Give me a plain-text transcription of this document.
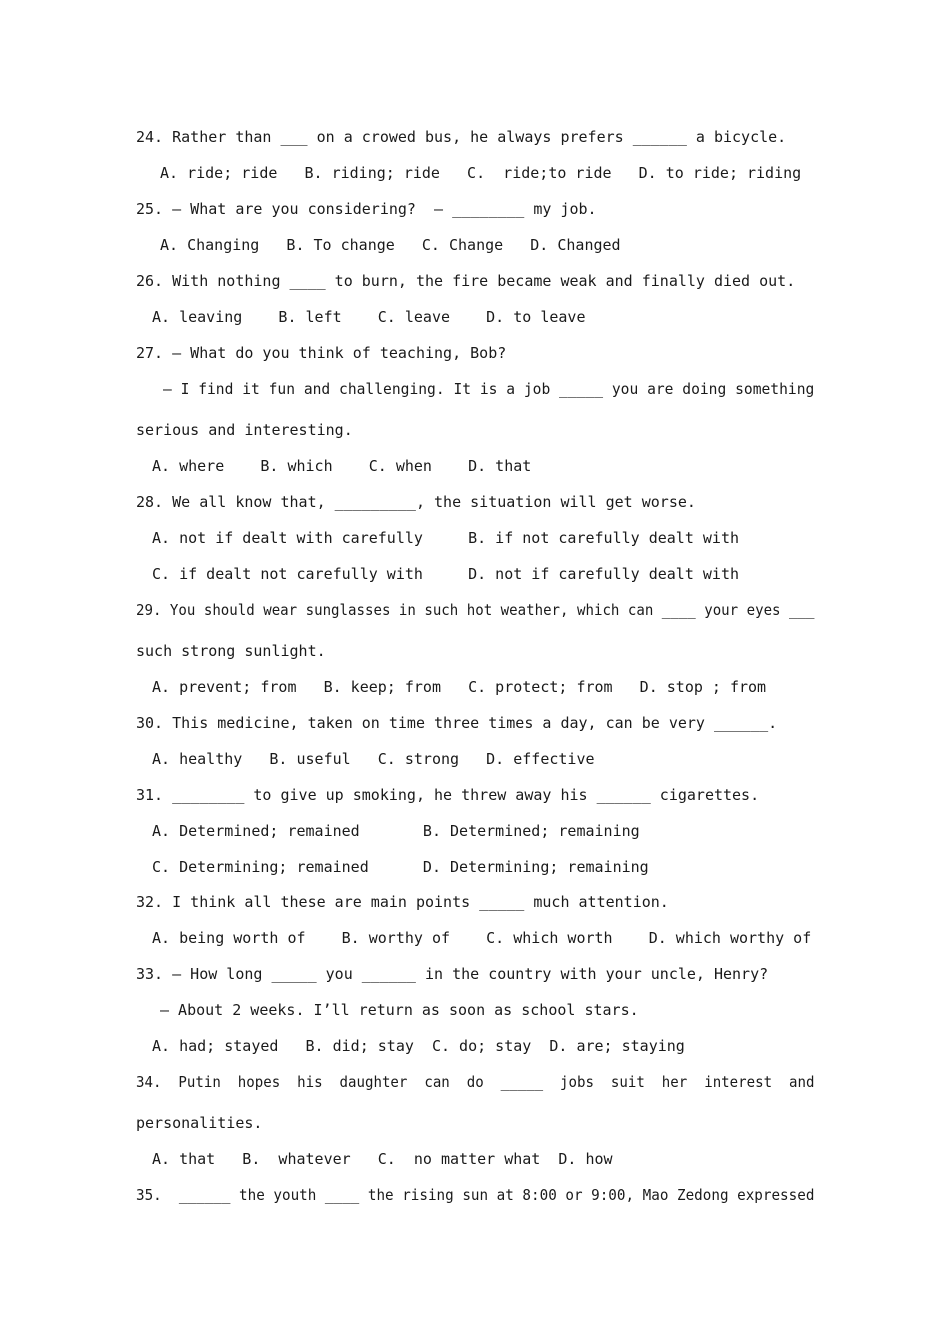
24. Rather than ___ on a crowed bus, he always prefers ______ a bicycle.
A. ride; ride   B. riding; ride   C.  ride;to ride   D. to ride; riding
25. — What are you considering?  — ________ my job.
A. Changing   B. To change   C. Change   D. Changed
26. With nothing ____ to burn, the fire became weak and finally died out.
A. leaving    B. left    C. leave    D. to leave
27. — What do you think of teaching, Bob?
— I find it fun and challenging. It is a job _____ you are doing something
serious and interesting.
A. where    B. which    C. when    D. that
28. We all know that, _________, the situation will get worse.
A. not if dealt with carefully     B. if not carefully dealt with
C. if dealt not carefully with     D. not if carefully dealt with
29. You should wear sunglasses in such hot weather, which can ____ your eyes ___
such strong sunlight.
A. prevent; from   B. keep; from   C. protect; from   D. stop ; from
30. This medicine, taken on time three times a day, can be very ______.
A. healthy   B. useful   C. strong   D. effective
31. ________ to give up smoking, he threw away his ______ cigarettes.
A. Determined; remained       B. Determined; remaining
C. Determining; remained      D. Determining; remaining
32. I think all these are main points _____ much attention.
A. being worth of    B. worthy of    C. which worth    D. which worthy of
33. — How long _____ you ______ in the country with your uncle, Henry?
— About 2 weeks. I’ll return as soon as school stars.
A. had; stayed   B. did; stay  C. do; stay  D. are; staying
34.  Putin  hopes  his  daughter  can  do  _____  jobs  suit  her  interest  and
personalities.
A. that   B.  whatever   C.  no matter what  D. how
35.  ______ the youth ____ the rising sun at 8:00 or 9:00, Mao Zedong expressed
